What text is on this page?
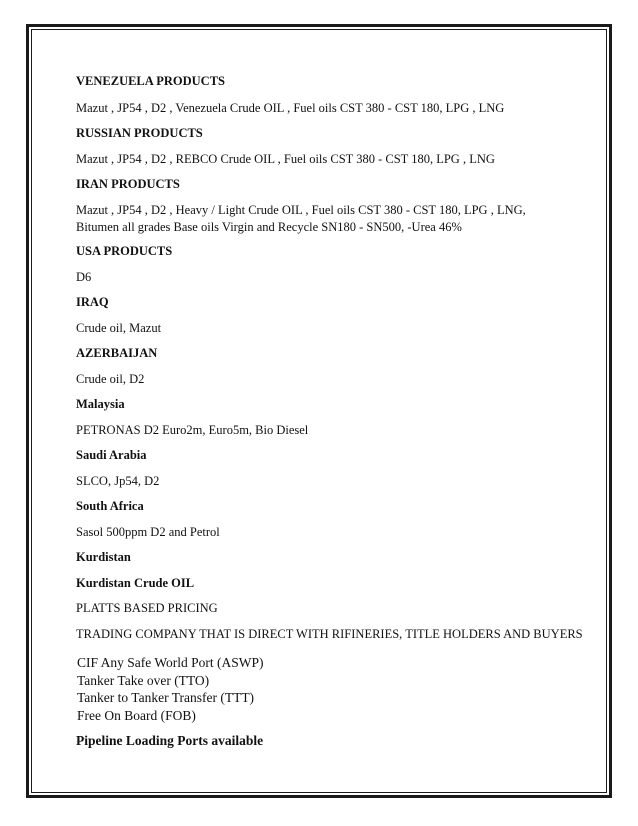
VENEZUELA PRODUCTS
Mazut , JP54 , D2 , Venezuela Crude OIL , Fuel oils CST 380 - CST 180, LPG , LNG
RUSSIAN PRODUCTS
Mazut , JP54 , D2 , REBCO Crude OIL , Fuel oils CST 380 - CST 180, LPG , LNG
IRAN PRODUCTS
Mazut , JP54 , D2 , Heavy / Light Crude OIL , Fuel oils CST 380 - CST 180, LPG , LNG, Bitumen all grades Base oils Virgin and Recycle SN180 - SN500, -Urea 46%
USA PRODUCTS
D6
IRAQ
Crude oil, Mazut
AZERBAIJAN
Crude oil, D2
Malaysia
PETRONAS D2 Euro2m, Euro5m, Bio Diesel
Saudi Arabia
SLCO, Jp54, D2
South Africa
Sasol 500ppm D2 and Petrol
Kurdistan
Kurdistan Crude OIL
PLATTS BASED PRICING
TRADING COMPANY THAT IS DIRECT WITH RIFINERIES, TITLE HOLDERS AND BUYERS
CIF Any Safe World Port (ASWP)
Tanker Take over (TTO)
Tanker to Tanker Transfer (TTT)
Free On Board (FOB)
Pipeline Loading Ports available
